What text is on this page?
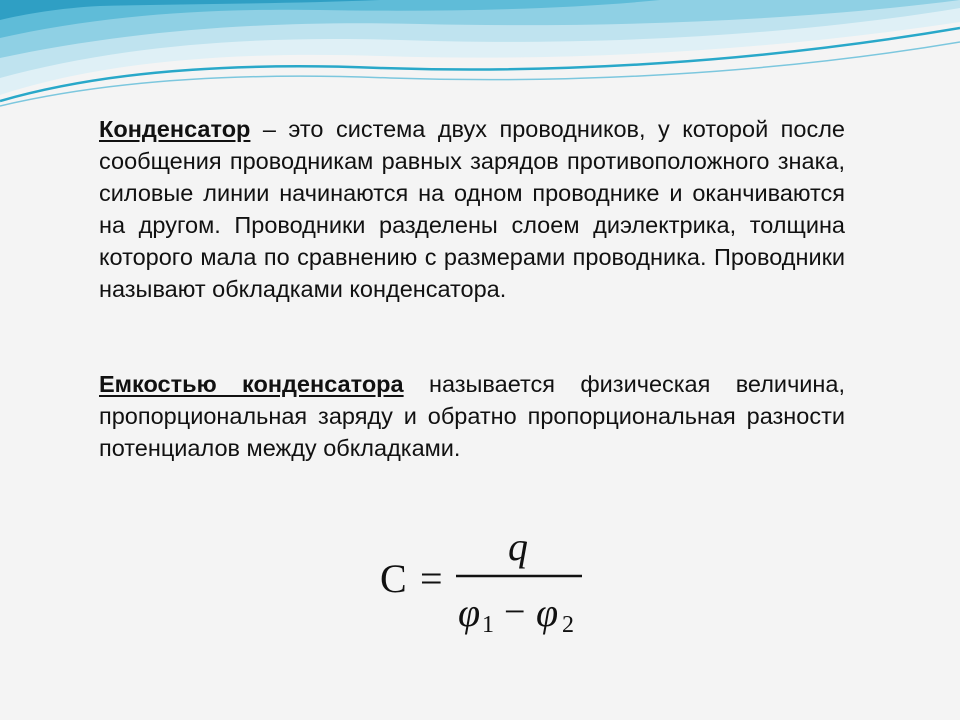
Конденсатор – это система двух проводников, у которой после сообщения проводникам равных зарядов противоположного знака, силовые линии начинаются на одном проводнике и оканчиваются на другом. Проводники разделены слоем диэлектрика, толщина которого мала по сравнению с размерами проводника. Проводники называют обкладками конденсатора.
Емкостью конденсатора называется физическая величина, пропорциональная заряду и обратно пропорциональная разности потенциалов между обкладками.
C =
q
φ 1 − φ 2
